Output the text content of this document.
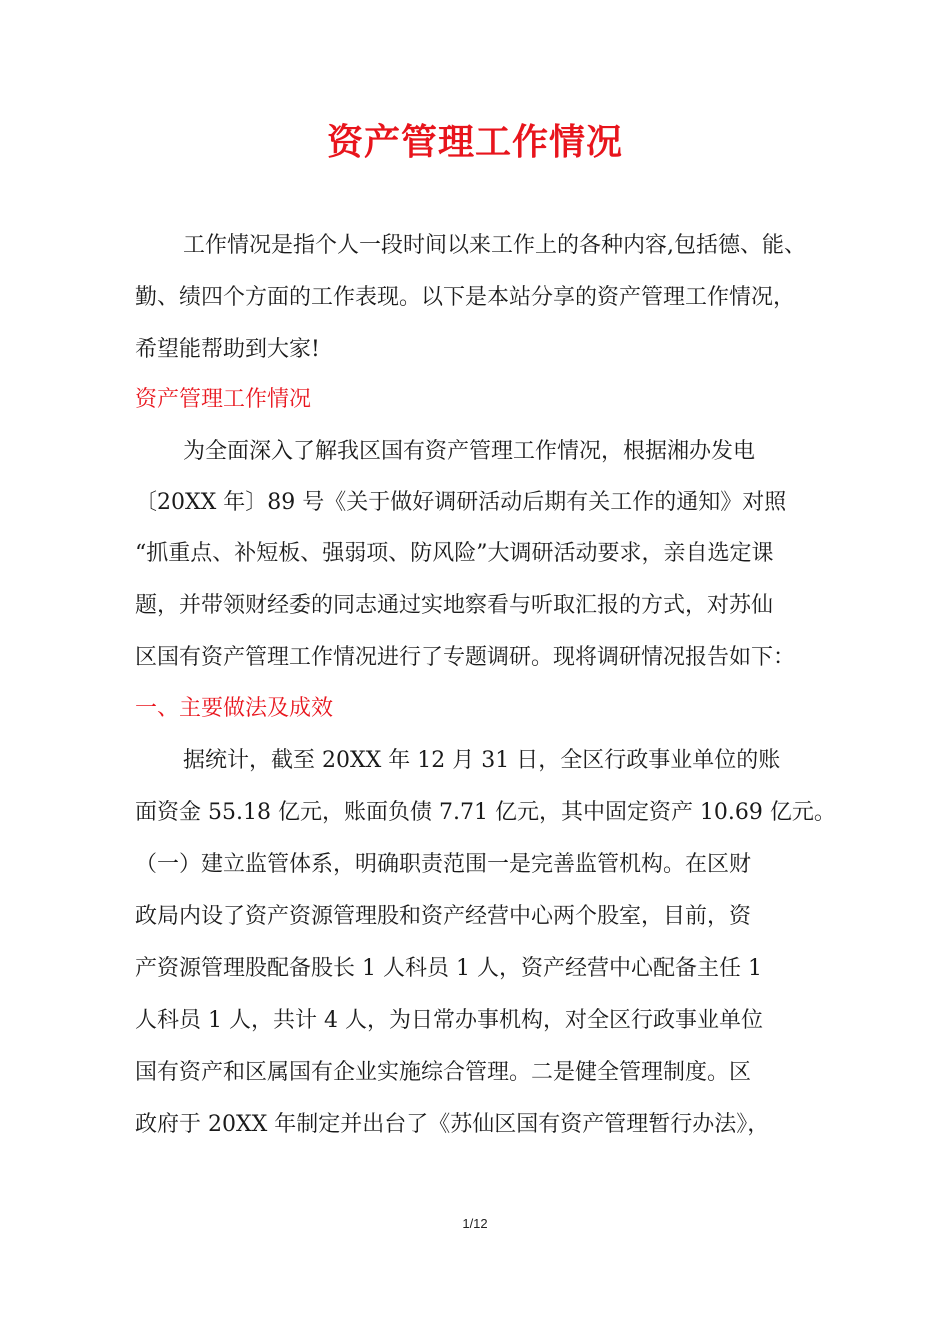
资产管理工作情况
工作情况是指个人一段时间以来工作上的各种内容,包括德、能、
勤、绩四个方面的工作表现。以下是本站分享的资产管理工作情况，
希望能帮助到大家!
资产管理工作情况
为全面深入了解我区国有资产管理工作情况，根据湘办发电
〔20XX 年〕89 号《关于做好调研活动后期有关工作的通知》对照
“抓重点、补短板、强弱项、防风险”大调研活动要求，亲自选定课
题，并带领财经委的同志通过实地察看与听取汇报的方式，对苏仙
区国有资产管理工作情况进行了专题调研。现将调研情况报告如下：
一、主要做法及成效
据统计，截至 20XX 年 12 月 31 日，全区行政事业单位的账
面资金 55.18 亿元，账面负债 7.71 亿元，其中固定资产 10.69 亿元。
（一）建立监管体系，明确职责范围一是完善监管机构。在区财
政局内设了资产资源管理股和资产经营中心两个股室，目前，资
产资源管理股配备股长 1 人科员 1 人，资产经营中心配备主任 1
人科员 1 人，共计 4 人，为日常办事机构，对全区行政事业单位
国有资产和区属国有企业实施综合管理。二是健全管理制度。区
政府于 20XX 年制定并出台了《苏仙区国有资产管理暂行办法》，
1/12
